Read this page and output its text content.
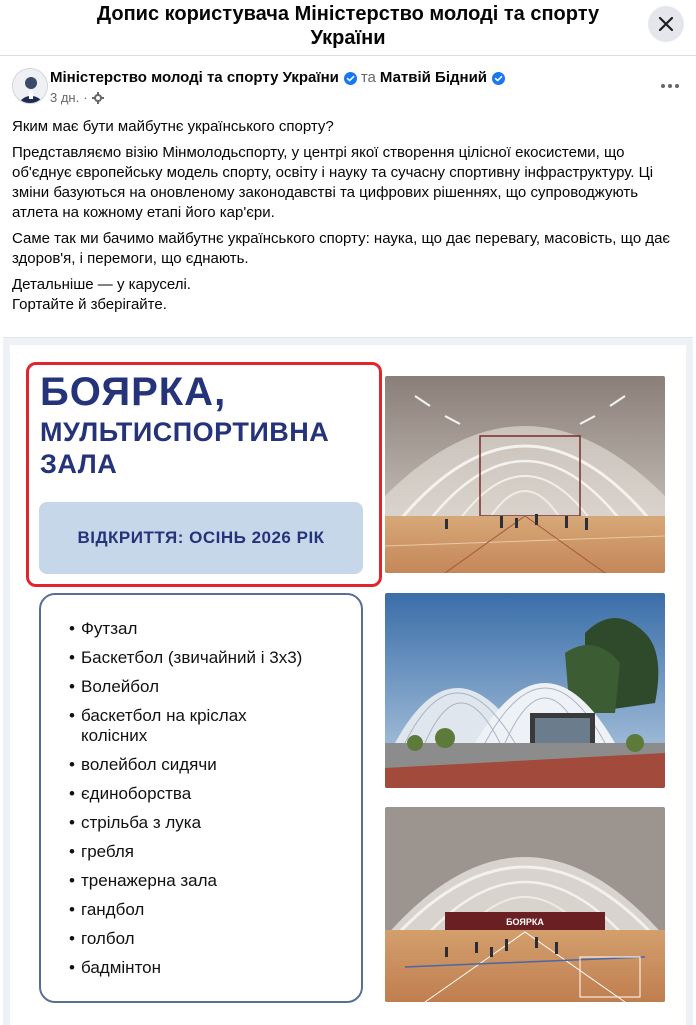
Допис користувача Міністерство молоді та спорту України
Міністерство молоді та спорту України та Матвій Бідний
3 дн. ·

Яким має бути майбутнє українського спорту?

Представляємо візію Мінмолодьспорту, у центрі якої створення цілісної екосистеми, що об'єднує європейську модель спорту, освіту і науку та сучасну спортивну інфраструктуру. Ці зміни базуються на оновленому законодавстві та цифрових рішеннях, що супроводжують атлета на кожному етапі його кар'єри.

Саме так ми бачимо майбутнє українського спорту: наука, що дає перевагу, масовість, що дає здоров'я, і перемоги, що єднають.

Детальніше — у каруселі.

Гортайте й зберігайте.

БОЯРКА,
МУЛЬТИСПОРТИВНА
ЗАЛА
ВІДКРИТТЯ: ОСІНЬ 2026 РІК
• Футзал
• Баскетбол (звичайний і 3х3)
• Волейбол
• баскетбол на кріслах колісних
• волейбол сидячи
• єдиноборства
• стрільба з лука
• гребля
• тренажерна зала
• гандбол
• голбол
• бадмінтон
БОЯРКА
